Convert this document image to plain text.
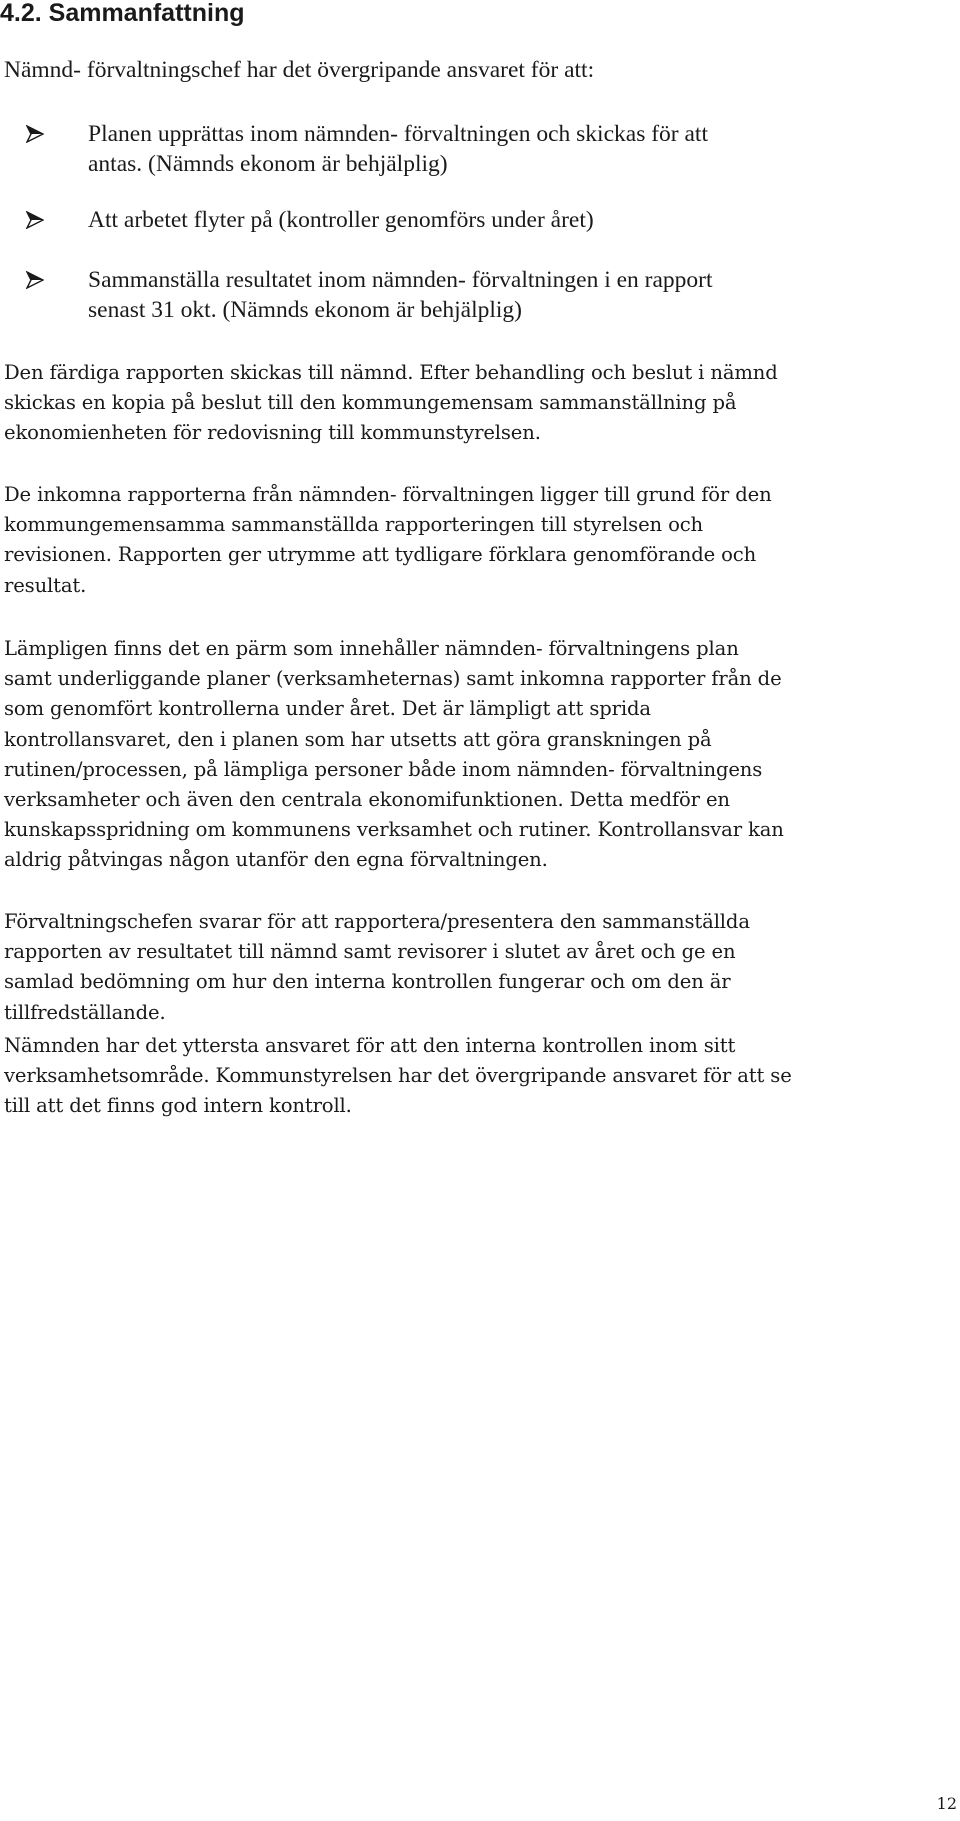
4.2. Sammanfattning

Nämnd- förvaltningschef har det övergripande ansvaret för att:

Planen upprättas inom nämnden- förvaltningen och skickas för att
antas. (Nämnds ekonom är behjälplig)
Att arbetet flyter på (kontroller genomförs under året)
Sammanställa resultatet inom nämnden- förvaltningen i en rapport
senast 31 okt. (Nämnds ekonom är behjälplig)

Den färdiga rapporten skickas till nämnd. Efter behandling och beslut i nämnd
skickas en kopia på beslut till den kommungemensam sammanställning på
ekonomienheten för redovisning till kommunstyrelsen.

De inkomna rapporterna från nämnden- förvaltningen ligger till grund för den
kommungemensamma sammanställda rapporteringen till styrelsen och
revisionen. Rapporten ger utrymme att tydligare förklara genomförande och
resultat.

Lämpligen finns det en pärm som innehåller nämnden- förvaltningens plan
samt underliggande planer (verksamheternas) samt inkomna rapporter från de
som genomfört kontrollerna under året. Det är lämpligt att sprida
kontrollansvaret, den i planen som har utsetts att göra granskningen på
rutinen/processen, på lämpliga personer både inom nämnden- förvaltningens
verksamheter och även den centrala ekonomifunktionen. Detta medför en
kunskapsspridning om kommunens verksamhet och rutiner. Kontrollansvar kan
aldrig påtvingas någon utanför den egna förvaltningen.

Förvaltningschefen svarar för att rapportera/presentera den sammanställda
rapporten av resultatet till nämnd samt revisorer i slutet av året och ge en
samlad bedömning om hur den interna kontrollen fungerar och om den är
tillfredställande.

Nämnden har det yttersta ansvaret för att den interna kontrollen inom sitt
verksamhetsområde. Kommunstyrelsen har det övergripande ansvaret för att se
till att det finns god intern kontroll.

12
